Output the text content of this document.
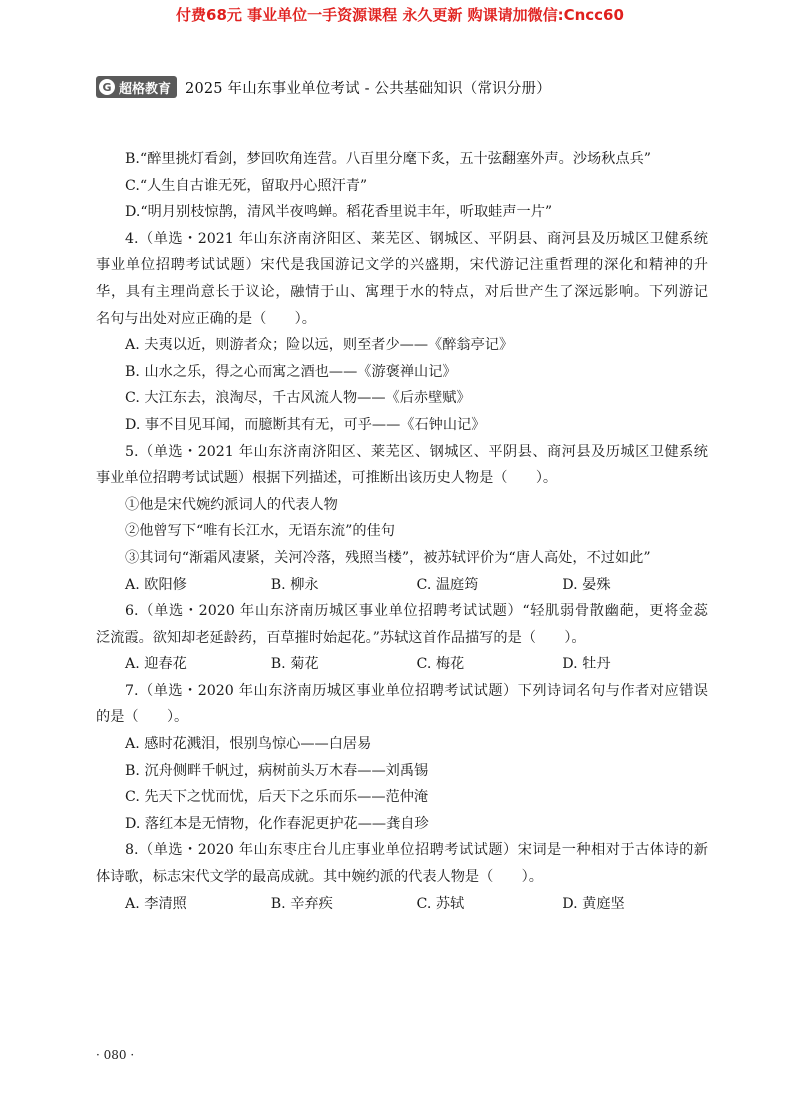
付费68元 事业单位一手资源课程 永久更新 购课请加微信:Cncc60
G 超格教育 2025 年山东事业单位考试 - 公共基础知识（常识分册）
B.“醉里挑灯看剑，梦回吹角连营。八百里分麾下炙，五十弦翻塞外声。沙场秋点兵”
C.“人生自古谁无死，留取丹心照汗青”
D.“明月别枝惊鹊，清风半夜鸣蝉。稻花香里说丰年，听取蛙声一片”
4.（单选・2021 年山东济南济阳区、莱芜区、钢城区、平阴县、商河县及历城区卫健系统
事业单位招聘考试试题）宋代是我国游记文学的兴盛期，宋代游记注重哲理的深化和精神的升
华，具有主理尚意长于议论，融情于山、寓理于水的特点，对后世产生了深远影响。下列游记
名句与出处对应正确的是（　　）。
A. 夫夷以近，则游者众；险以远，则至者少——《醉翁亭记》
B. 山水之乐，得之心而寓之酒也——《游褒禅山记》
C. 大江东去，浪淘尽，千古风流人物——《后赤壁赋》
D. 事不目见耳闻，而臆断其有无，可乎——《石钟山记》
5.（单选・2021 年山东济南济阳区、莱芜区、钢城区、平阴县、商河县及历城区卫健系统
事业单位招聘考试试题）根据下列描述，可推断出该历史人物是（　　）。
①他是宋代婉约派词人的代表人物
②他曾写下“唯有长江水，无语东流”的佳句
③其词句“渐霜风凄紧，关河冷落，残照当楼”，被苏轼评价为“唐人高处，不过如此”
A. 欧阳修	B. 柳永	C. 温庭筠	D. 晏殊
6.（单选・2020 年山东济南历城区事业单位招聘考试试题）“轻肌弱骨散幽葩，更将金蕊
泛流霞。欲知却老延龄药，百草摧时始起花。”苏轼这首作品描写的是（　　）。
A. 迎春花	B. 菊花	C. 梅花	D. 牡丹
7.（单选・2020 年山东济南历城区事业单位招聘考试试题）下列诗词名句与作者对应错误
的是（　　）。
A. 感时花溅泪，恨别鸟惊心——白居易
B. 沉舟侧畔千帆过，病树前头万木春——刘禹锡
C. 先天下之忧而忧，后天下之乐而乐——范仲淹
D. 落红本是无情物，化作春泥更护花——龚自珍
8.（单选・2020 年山东枣庄台儿庄事业单位招聘考试试题）宋词是一种相对于古体诗的新
体诗歌，标志宋代文学的最高成就。其中婉约派的代表人物是（　　）。
A. 李清照	B. 辛弃疾	C. 苏轼	D. 黄庭坚
· 080 ·
